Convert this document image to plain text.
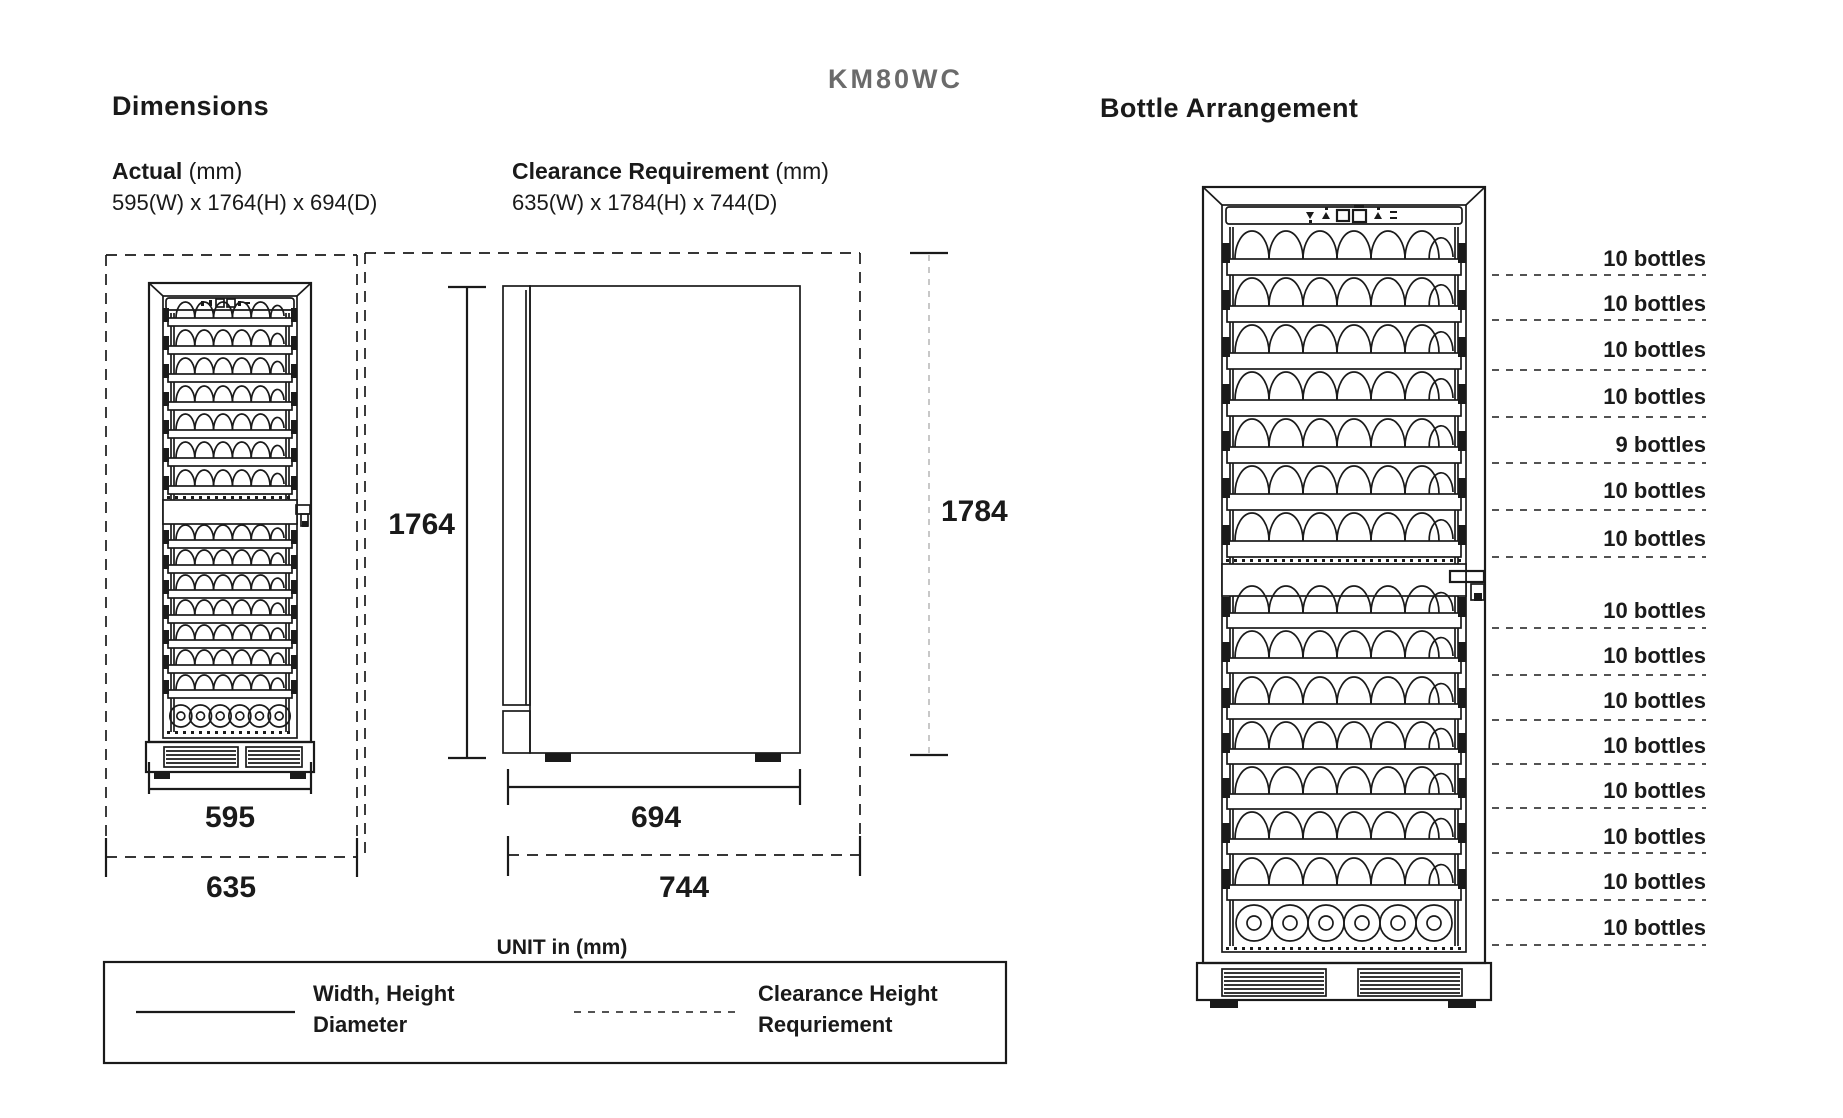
KM80WC
Dimensions	Bottle Arrangement
Actual (mm)
595(W) x 1764(H) x 694(D)
Clearance Requirement (mm)
635(W) x 1784(H) x 744(D)
595
635
1764
694
744
1784
UNIT in (mm)
Width, Height
Diameter
Clearance Height
Requriement
10 bottles
10 bottles
10 bottles
10 bottles
9 bottles
10 bottles
10 bottles
10 bottles
10 bottles
10 bottles
10 bottles
10 bottles
10 bottles
10 bottles
10 bottles
